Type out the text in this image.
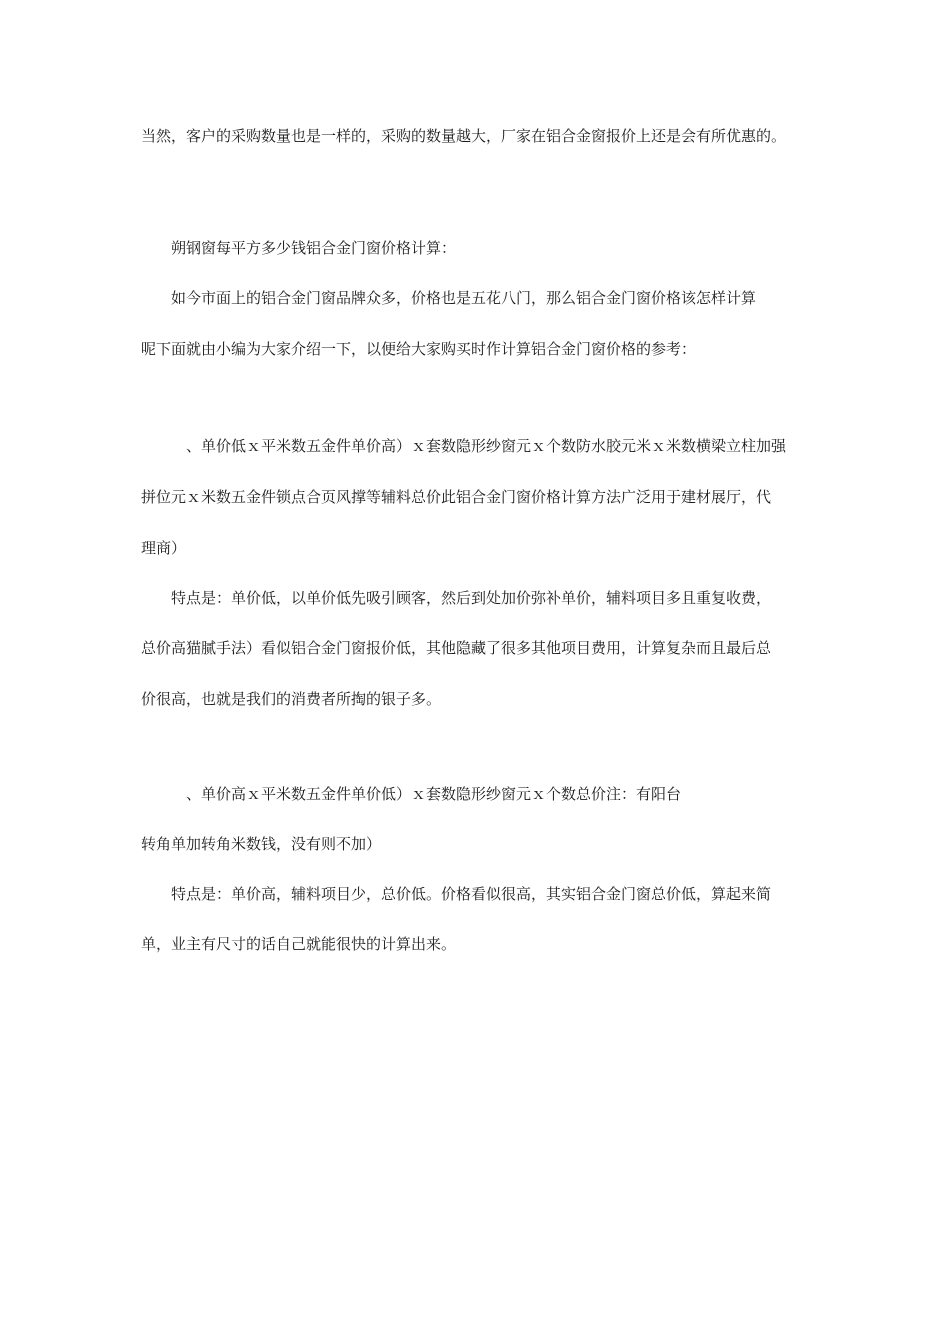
当然，客户的采购数量也是一样的，采购的数量越大，厂家在铝合金窗报价上还是会有所优惠的。
　　朔钢窗每平方多少钱铝合金门窗价格计算：
　　如今市面上的铝合金门窗品牌众多，价格也是五花八门，那么铝合金门窗价格该怎样计算
呢下面就由小编为大家介绍一下，以便给大家购买时作计算铝合金门窗价格的参考：
　　　、单价低ｘ平米数五金件单价高）ｘ套数隐形纱窗元ｘ个数防水胶元米ｘ米数横梁立柱加强
拼位元ｘ米数五金件锁点合页风撑等辅料总价此铝合金门窗价格计算方法广泛用于建材展厅，代
理商）
　　特点是：单价低，以单价低先吸引顾客，然后到处加价弥补单价，辅料项目多且重复收费，
总价高猫腻手法）看似铝合金门窗报价低，其他隐藏了很多其他项目费用，计算复杂而且最后总
价很高，也就是我们的消费者所掏的银子多。
　　　、单价高ｘ平米数五金件单价低）ｘ套数隐形纱窗元ｘ个数总价注：有阳台
转角单加转角米数钱，没有则不加）
　　特点是：单价高，辅料项目少，总价低。价格看似很高，其实铝合金门窗总价低，算起来简
单，业主有尺寸的话自己就能很快的计算出来。
